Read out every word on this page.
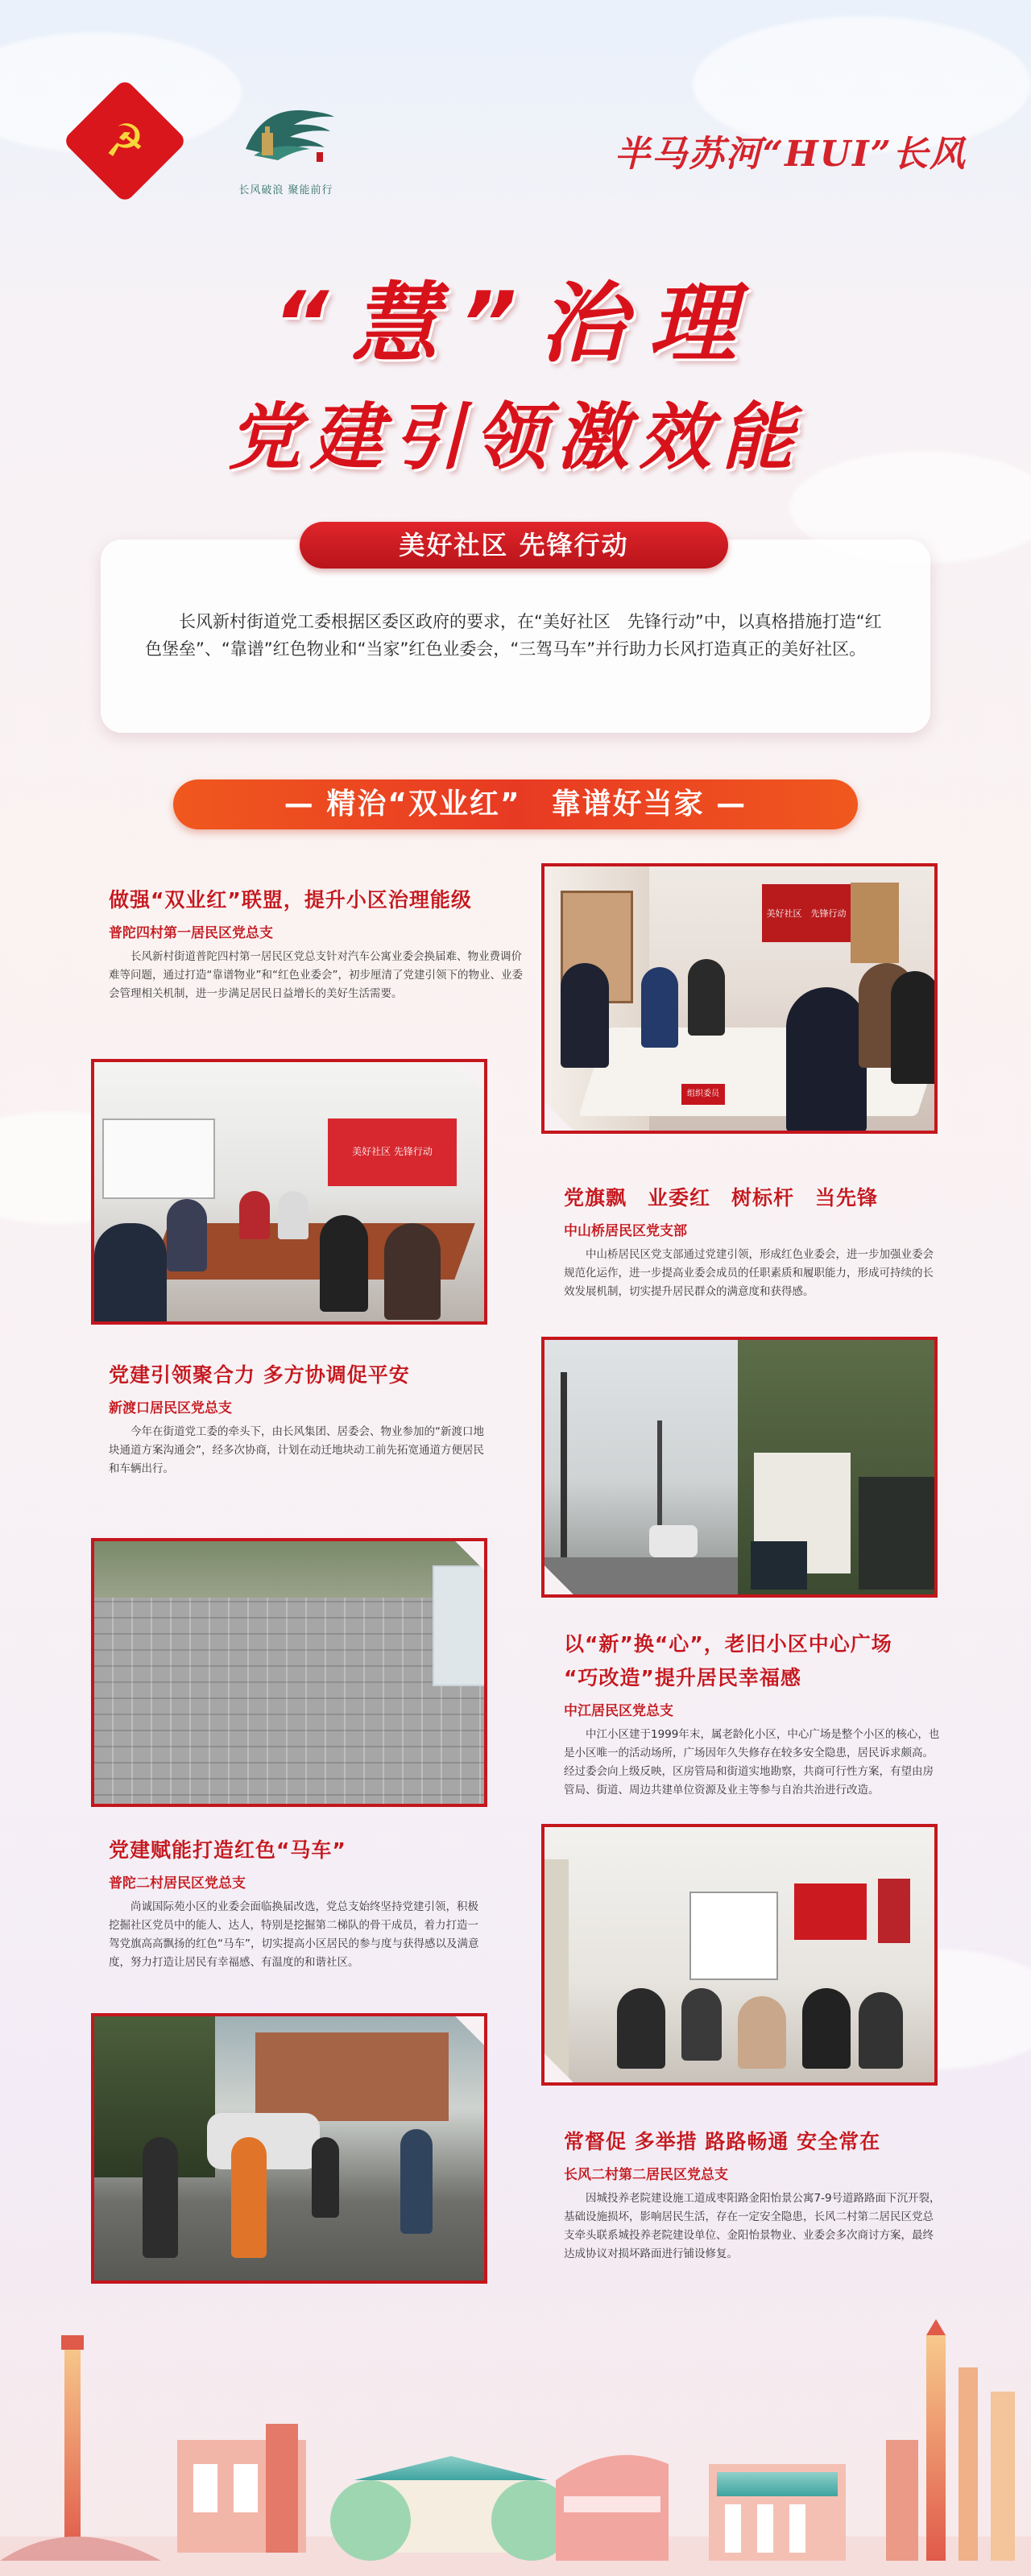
☭
长风破浪 聚能前行
半马苏河“HUI”长风
“慧”治理
党建引领激效能
美好社区 先锋行动
长风新村街道党工委根据区委区政府的要求，在“美好社区　先锋行动”中，以真格措施打造“红色堡垒”、“靠谱”红色物业和“当家”红色业委会，“三驾马车”并行助力长风打造真正的美好社区。
— 精治“双业红”　靠谱好当家 —
做强“双业红”联盟，提升小区治理能级
普陀四村第一居民区党总支
长风新村街道普陀四村第一居民区党总支针对汽车公寓业委会换届难、物业费调价难等问题，通过打造“靠谱物业”和“红色业委会”，初步厘清了党建引领下的物业、业委会管理相关机制，进一步满足居民日益增长的美好生活需要。
美好社区　先锋行动
组织委员
美好社区 先锋行动
党旗飘　业委红　树标杆　当先锋
中山桥居民区党支部
中山桥居民区党支部通过党建引领，形成红色业委会，进一步加强业委会规范化运作，进一步提高业委会成员的任职素质和履职能力，形成可持续的长效发展机制，切实提升居民群众的满意度和获得感。
党建引领聚合力 多方协调促平安
新渡口居民区党总支
今年在街道党工委的牵头下，由长风集团、居委会、物业参加的“新渡口地块通道方案沟通会”，经多次协商，计划在动迁地块动工前先拓宽通道方便居民和车辆出行。
以“新”换“心”，老旧小区中心广场
“巧改造”提升居民幸福感
中江居民区党总支
中江小区建于1999年末，属老龄化小区，中心广场是整个小区的核心，也是小区唯一的活动场所，广场因年久失修存在较多安全隐患，居民诉求颇高。经过委会向上级反映，区房管局和街道实地勘察，共商可行性方案，有望由房管局、街道、周边共建单位资源及业主等参与自治共治进行改造。
党建赋能打造红色“马车”
普陀二村居民区党总支
尚诚国际苑小区的业委会面临换届改选，党总支始终坚持党建引领，积极挖掘社区党员中的能人、达人，特别是挖掘第二梯队的骨干成员，着力打造一驾党旗高高飘扬的红色“马车”，切实提高小区居民的参与度与获得感以及满意度，努力打造让居民有幸福感、有温度的和谐社区。
常督促 多举措 路路畅通 安全常在
长风二村第二居民区党总支
因城投养老院建设施工道成枣阳路金阳怡景公寓7-9号道路路面下沉开裂，基础设施损坏，影响居民生活，存在一定安全隐患，长风二村第二居民区党总支牵头联系城投养老院建设单位、金阳怡景物业、业委会多次商讨方案，最终达成协议对损坏路面进行铺设修复。
